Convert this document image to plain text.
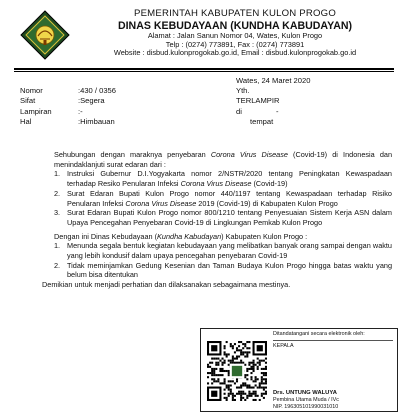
PEMERINTAH KABUPATEN KULON PROGO
DINAS KEBUDAYAAN (KUNDHA KABUDAYAN)
Alamat : Jalan Sanun Nomor 04, Wates, Kulon Progo
Telp : (0274) 773891, Fax : (0274) 773891
Website : disbud.kulonprogokab.go.id, Email : disbud.kulonprogokab.go.id
Wates, 24 Maret 2020
Nomor	:430 / 0356
Sifat	:Segera
Lampiran	:-
Hal	:Himbauan
Yth.
TERLAMPIR
di	-
tempat

Sehubungan dengan maraknya penyebaran Corona Virus Disease (Covid-19) di Indonesia dan menindaklanjuti surat edaran dari :

1. Instruksi Gubernur D.I.Yogyakarta nomor 2/NSTR/2020 tentang Peningkatan Kewaspadaan terhadap Resiko Penularan Infeksi Corona Virus Disease (Covid-19)
2. Surat Edaran Bupati Kulon Progo nomor 440/1197 tentang Kewaspadaan terhadap Risiko Penularan Infeksi Corona Virus Disease 2019 (Covid-19) di Kabupaten Kulon Progo
3. Surat Edaran Bupati Kulon Progo nomor 800/1210 tentang Penyesuaian Sistem Kerja ASN dalam Upaya Pencegahan Penyebaran Covid-19 di Lingkungan Pemkab Kulon Progo

Dengan ini Dinas Kebudayaan (Kundha Kabudayan) Kabupaten Kulon Progo :

1. Menunda segala bentuk kegiatan kebudayaan yang melibatkan banyak orang sampai dengan waktu yang lebih kondusif dalam upaya pencegahan penyebaran Covid-19
2. Tidak meminjamkan Gedung Kesenian dan Taman Budaya Kulon Progo hingga batas waktu yang belum bisa ditentukan

Demikian untuk menjadi perhatian dan dilaksanakan sebagaimana mestinya.

Ditandatangani secara elektronik oleh:
KEPALA
Drs. UNTUNG WALUYA
Pembina Utama Muda / IVc
NIP. 196305101990031010
